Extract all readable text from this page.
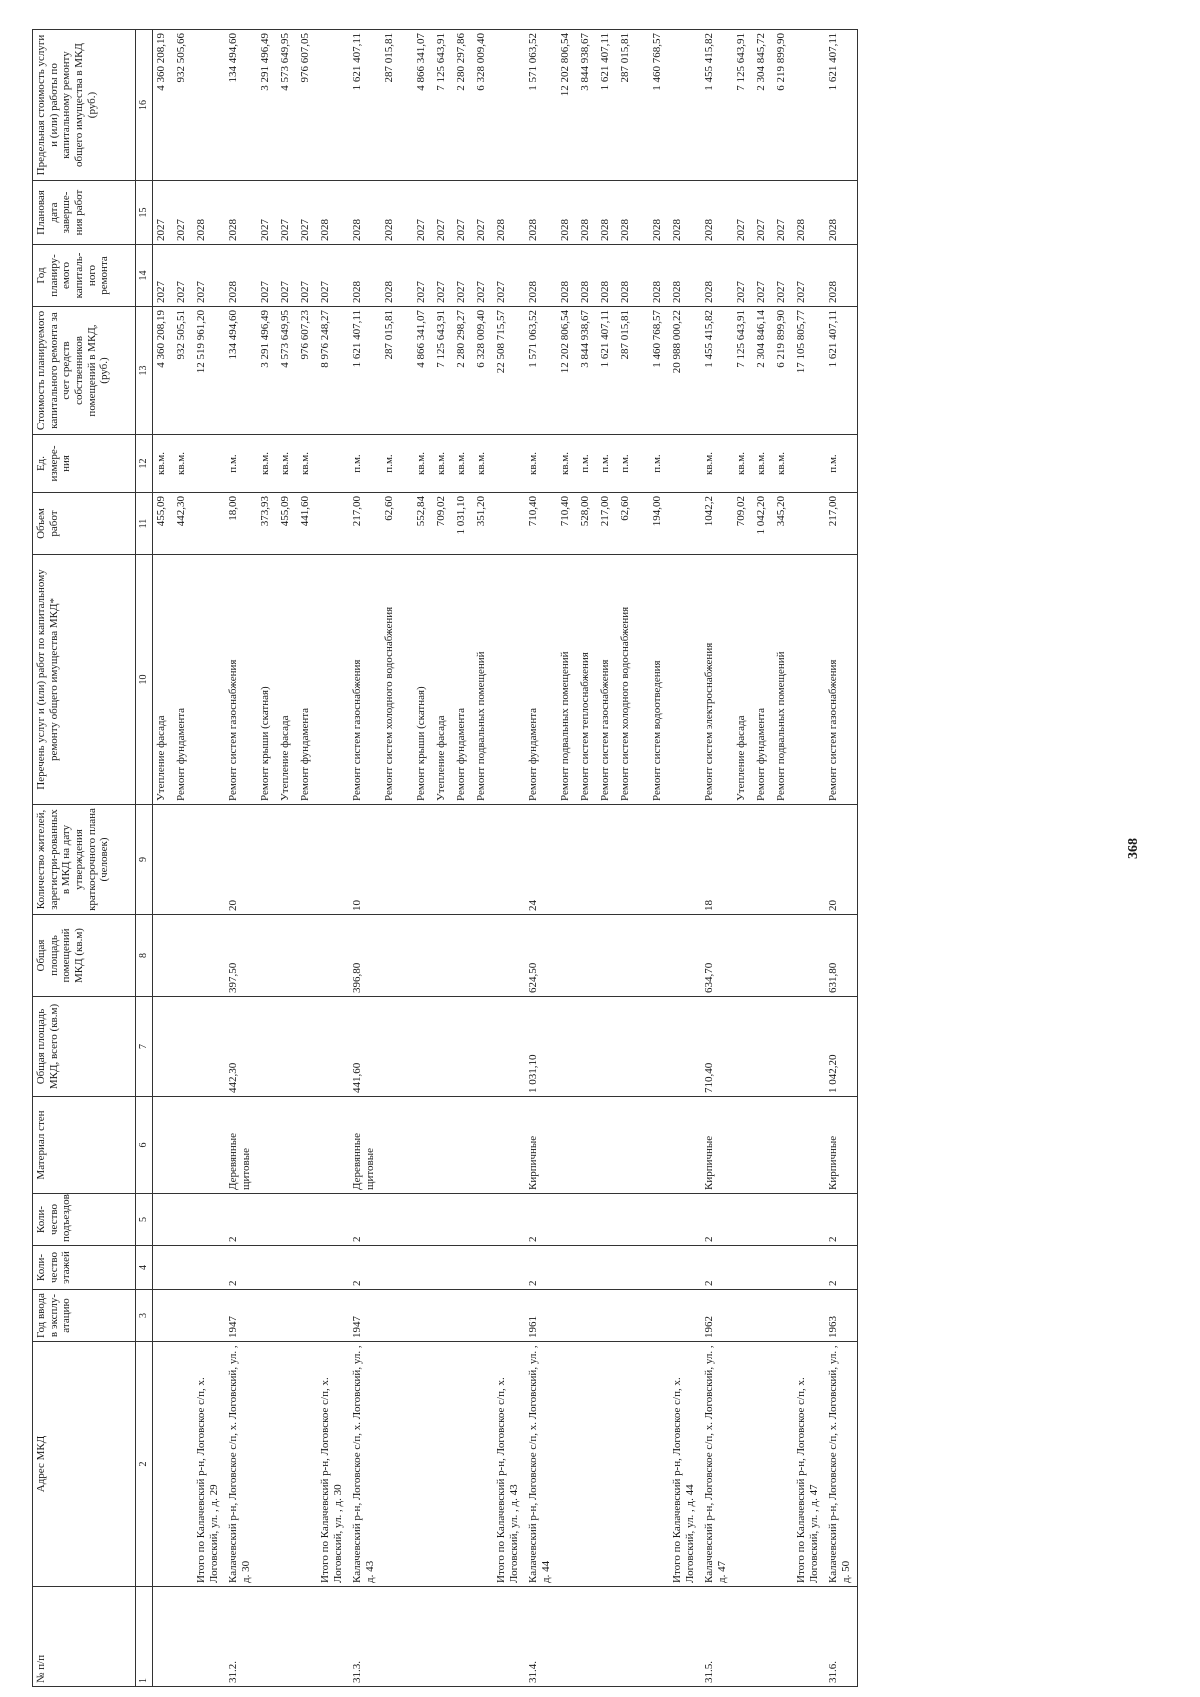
№ п/п	Адрес МКД	Год ввода в эксплу-атацию	Коли-чество этажей	Коли-чество подъездов	Материал стен	Общая площадь МКД, всего (кв.м)	Общая площадь помещений МКД (кв.м)	Количество жителей, зарегистри-рованных в МКД на дату утверждения краткосрочного плана (человек)	Перечень услуг и (или) работ по капитальному ремонту общего имущества МКД*	Объем работ	Ед. измере-ния	Стоимость планируемого капитального ремонта за счет средств собственников помещений в МКД, (руб.)	Год планиру-емого капиталь-ного ремонта	Плановая дата заверше-ния работ	Предельная стоимость услуги и (или) работы по капитальному ремонту общего имущества в МКД (руб.)
1	2	3	4	5	6	7	8	9	10	11	12	13	14	15	16
									Утепление фасада	455,09	кв.м.	4 360 208,19	2027	2027	4 360 208,19
									Ремонт фундамента	442,30	кв.м.	932 505,51	2027	2027	932 505,66
	Итого по Калачевский р-н, Логовское с/п, х. Логовский, ул. , д. 29											12 519 961,20	2027	2028	
31.2.	Калачевский р-н, Логовское с/п, х. Логовский, ул. , д. 30	1947	2	2	Деревянные щитовые	442,30	397,50	20	Ремонт систем газоснабжения	18,00	п.м.	134 494,60	2028	2028	134 494,60
									Ремонт крыши (скатная)	373,93	кв.м.	3 291 496,49	2027	2027	3 291 496,49
									Утепление фасада	455,09	кв.м.	4 573 649,95	2027	2027	4 573 649,95
									Ремонт фундамента	441,60	кв.м.	976 607,23	2027	2027	976 607,05
	Итого по Калачевский р-н, Логовское с/п, х. Логовский, ул. , д. 30											8 976 248,27	2027	2028	
31.3.	Калачевский р-н, Логовское с/п, х. Логовский, ул. , д. 43	1947	2	2	Деревянные щитовые	441,60	396,80	10	Ремонт систем газоснабжения	217,00	п.м.	1 621 407,11	2028	2028	1 621 407,11
									Ремонт систем холодного водоснабжения	62,60	п.м.	287 015,81	2028	2028	287 015,81
									Ремонт крыши (скатная)	552,84	кв.м.	4 866 341,07	2027	2027	4 866 341,07
									Утепление фасада	709,02	кв.м.	7 125 643,91	2027	2027	7 125 643,91
									Ремонт фундамента	1 031,10	кв.м.	2 280 298,27	2027	2027	2 280 297,86
									Ремонт подвальных помещений	351,20	кв.м.	6 328 009,40	2027	2027	6 328 009,40
	Итого по Калачевский р-н, Логовское с/п, х. Логовский, ул. , д. 43											22 508 715,57	2027	2028	
31.4.	Калачевский р-н, Логовское с/п, х. Логовский, ул. , д. 44	1961	2	2	Кирпичные	1 031,10	624,50	24	Ремонт фундамента	710,40	кв.м.	1 571 063,52	2028	2028	1 571 063,52
									Ремонт подвальных помещений	710,40	кв.м.	12 202 806,54	2028	2028	12 202 806,54
									Ремонт систем теплоснабжения	528,00	п.м.	3 844 938,67	2028	2028	3 844 938,67
									Ремонт систем газоснабжения	217,00	п.м.	1 621 407,11	2028	2028	1 621 407,11
									Ремонт систем холодного водоснабжения	62,60	п.м.	287 015,81	2028	2028	287 015,81
									Ремонт систем водоотведения	194,00	п.м.	1 460 768,57	2028	2028	1 460 768,57
	Итого по Калачевский р-н, Логовское с/п, х. Логовский, ул. , д. 44											20 988 000,22	2028	2028	
31.5.	Калачевский р-н, Логовское с/п, х. Логовский, ул. , д. 47	1962	2	2	Кирпичные	710,40	634,70	18	Ремонт систем электроснабжения	1042,2	кв.м.	1 455 415,82	2028	2028	1 455 415,82
									Утепление фасада	709,02	кв.м.	7 125 643,91	2027	2027	7 125 643,91
									Ремонт фундамента	1 042,20	кв.м.	2 304 846,14	2027	2027	2 304 845,72
									Ремонт подвальных помещений	345,20	кв.м.	6 219 899,90	2027	2027	6 219 899,90
	Итого по Калачевский р-н, Логовское с/п, х. Логовский, ул. , д. 47											17 105 805,77	2027	2028	
31.6.	Калачевский р-н, Логовское с/п, х. Логовский, ул. , д. 50	1963	2	2	Кирпичные	1 042,20	631,80	20	Ремонт систем газоснабжения	217,00	п.м.	1 621 407,11	2028	2028	1 621 407,11
368
